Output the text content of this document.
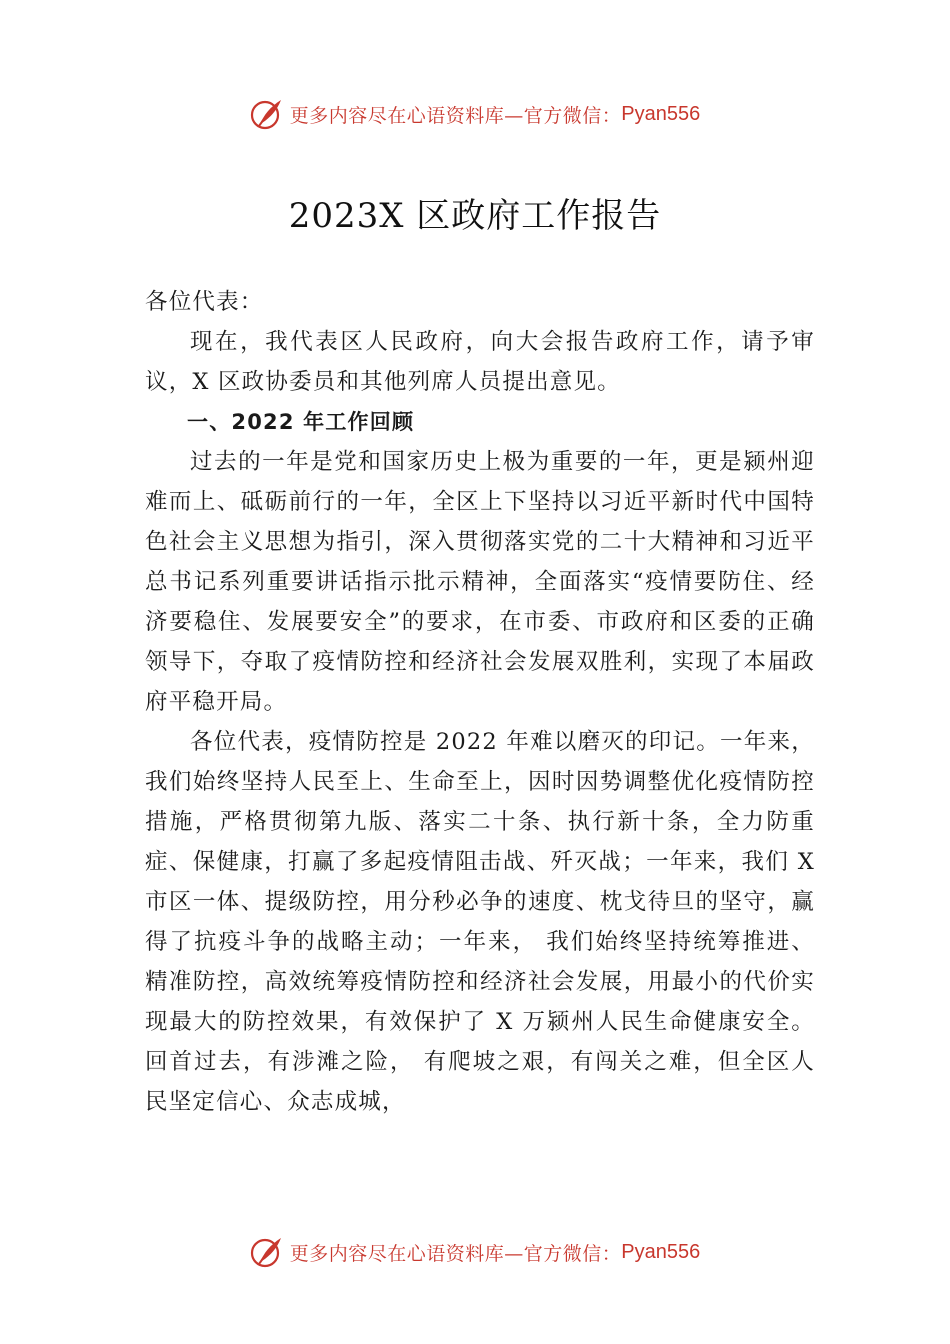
更多内容尽在心语资料库—官方微信： Pyan556
2023X 区政府工作报告

各位代表：

现在，我代表区人民政府，向大会报告政府工作，请予审议，X 区政协委员和其他列席人员提出意见。

一、2022 年工作回顾

过去的一年是党和国家历史上极为重要的一年，更是颍州迎难而上、砥砺前行的一年，全区上下坚持以习近平新时代中国特色社会主义思想为指引，深入贯彻落实党的二十大精神和习近平总书记系列重要讲话指示批示精神，全面落实“疫情要防住、经济要稳住、发展要安全”的要求，在市委、市政府和区委的正确领导下，夺取了疫情防控和经济社会发展双胜利，实现了本届政府平稳开局。

各位代表，疫情防控是 2022 年难以磨灭的印记。一年来，我们始终坚持人民至上、生命至上，因时因势调整优化疫情防控措施，严格贯彻第九版、落实二十条、执行新十条，全力防重症、保健康，打赢了多起疫情阻击战、歼灭战；一年来，我们 X 市区一体、提级防控，用分秒必争的速度、枕戈待旦的坚守，赢得了抗疫斗争的战略主动；一年来， 我们始终坚持统筹推进、精准防控，高效统筹疫情防控和经济社会发展，用最小的代价实现最大的防控效果，有效保护了 X 万颍州人民生命健康安全。回首过去，有涉滩之险， 有爬坡之艰，有闯关之难，但全区人民坚定信心、众志成城，

更多内容尽在心语资料库—官方微信： Pyan556
